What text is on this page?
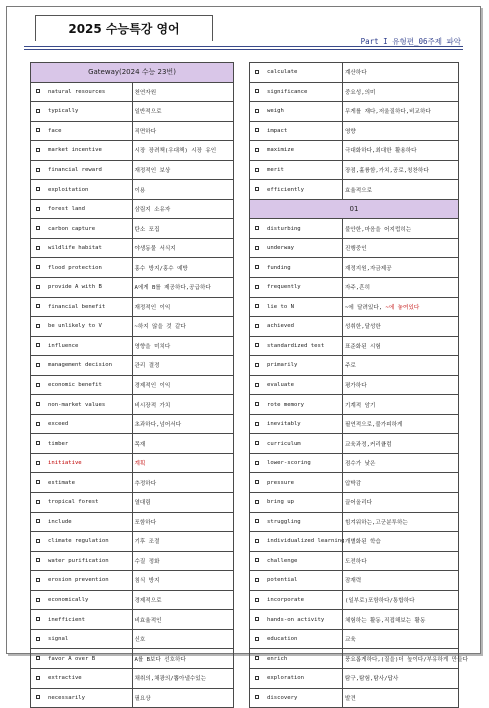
2025 수능특강 영어
Part I 유형편_06주제 파악
Gateway(2024 수능 23번)	
natural resources	천연자원
typically	일반적으로
face	직면하다
market incentive	시장 장려책(우대책) 시장 유인
financial reward	재정적인 보상
exploitation	이용
forest land	삼림지 소유자
carbon capture	탄소 포집
wildlife habitat	야생동물 서식지
flood protection	홍수 방지/홍수 예방
provide A with B	A에게 B를 제공하다,공급하다
financial benefit	재정적인 이익
be unlikely to V	~하지 않을 것 같다
influence	영향을 미치다
management decision	관리 결정
economic benefit	경제적인 이익
non-market values	비시장적 가치
exceed	초과하다,넘어서다
timber	목재
initiative	계획
estimate	추정하다
tropical forest	열대림
include	포함하다
climate regulation	기후 조절
water purification	수질 정화
erosion prevention	침식 방지
economically	경제적으로
inefficient	비효율적인
signal	신호
favor A over B	A를 B보다 선호하다
extractive	채취의,채광의/뽑아낼수있는
necessarily	필요상
calculate	계산하다
significance	중요성,의미
weigh	무게를 재다,저울질하다,비교하다
impact	영향
maximize	극대화하다,최대한 활용하다
merit	장점,훌륭함,가치,공로,칭찬하다
efficiently	효율적으로
01	
disturbing	불안한,마음을 어지럽히는
underway	진행중인
funding	재정지원,자금제공
frequently	자주,흔히
lie to N	~에 달려있다, ~에 놓여있다
achieved	성취한,달성한
standardized test	표준화된 시험
primarily	주로
evaluate	평가하다
rote memory	기계적 암기
inevitably	필연적으로,불가피하게
curriculum	교육과정,커리큘럼
lower-scoring	점수가 낮은
pressure	압박감
bring up	끌어올리다
struggling	힘겨워하는,고군분투하는
individualized learning	개별화된 학습
challenge	도전하다
potential	잠재력
incorporate	(일부로)포함하다/통합하다
hands-on activity	체험하는 활동,직접해보는 활동
education	교육
enrich	풍요롭게하다,(질을)더 높이다/부유하게 만들다
exploration	탐구,탐험,탐사/답사
discovery	발견
